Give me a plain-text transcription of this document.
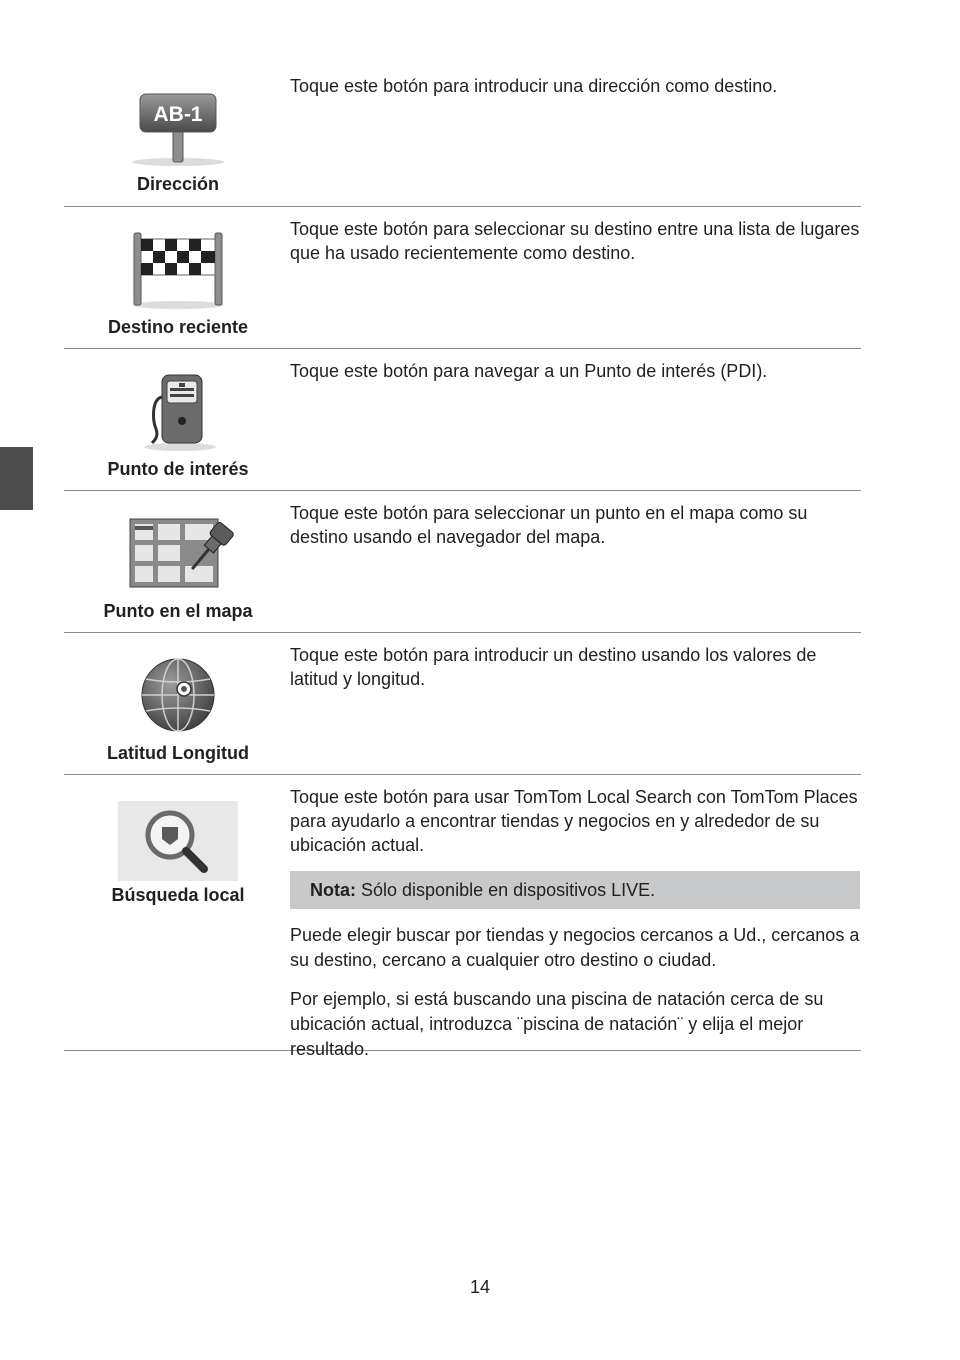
AB-1
Dirección

Toque este botón para introducir una dirección como destino.

Destino reciente

Toque este botón para seleccionar su destino entre una lista de lugares que ha usado recientemente como destino.

Punto de interés

Toque este botón para navegar a un Punto de interés (PDI).

Punto en el mapa

Toque este botón para seleccionar un punto en el mapa como su destino usando el navegador del mapa.

Latitud Longitud

Toque este botón para introducir un destino usando los valores de latitud y longitud.

Búsqueda local

Toque este botón para usar TomTom Local Search con TomTom Places para ayudarlo a encontrar tiendas y negocios en y alrededor de su ubicación actual.

Nota: Sólo disponible en dispositivos LIVE.

Puede elegir buscar por tiendas y negocios cercanos a Ud., cercanos a su destino, cercano a cualquier otro destino o ciudad.

Por ejemplo, si está buscando una piscina de natación cerca de su ubicación actual, introduzca ¨piscina de natación¨ y elija el mejor resultado.

14
